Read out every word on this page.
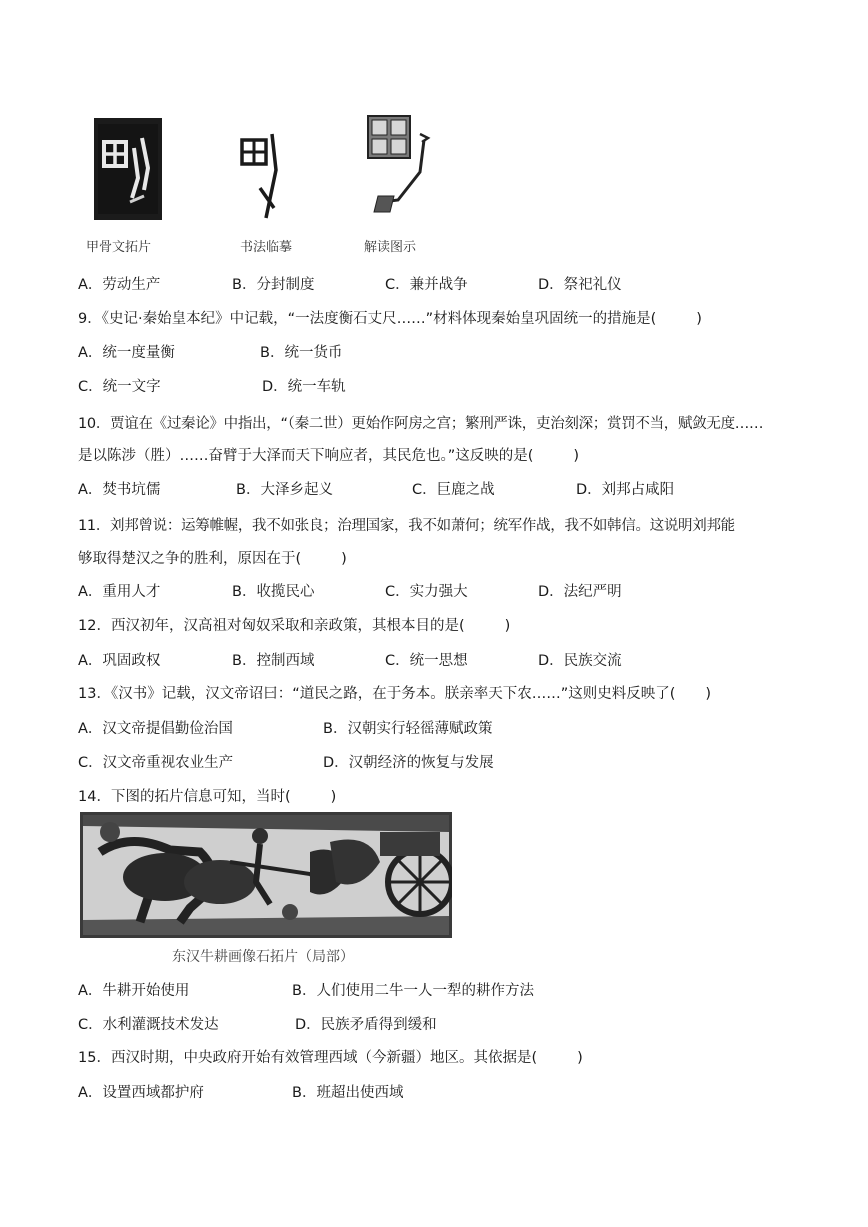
甲骨文拓片	书法临摹	解读图示
A．劳动生产	B．分封制度	C．兼并战争	D．祭祀礼仪
9．《史记·秦始皇本纪》中记载，“一法度衡石丈尺……”材料体现秦始皇巩固统一的措施是(	)
A．统一度量衡	B．统一货币
C．统一文字	D．统一车轨
10．贾谊在《过秦论》中指出，“（秦二世）更始作阿房之宫；繁刑严诛，吏治刻深；赏罚不当，赋敛无度……
是以陈涉（胜）……奋臂于大泽而天下响应者，其民危也。”这反映的是(	)
A．焚书坑儒	B．大泽乡起义	C．巨鹿之战	D．刘邦占咸阳
11．刘邦曾说：运筹帷幄，我不如张良；治理国家，我不如萧何；统军作战，我不如韩信。这说明刘邦能
够取得楚汉之争的胜利，原因在于(	)
A．重用人才	B．收揽民心	C．实力强大	D．法纪严明
12．西汉初年，汉高祖对匈奴采取和亲政策，其根本目的是(	)
A．巩固政权	B．控制西域	C．统一思想	D．民族交流
13．《汉书》记载，汉文帝诏曰：“道民之路，在于务本。朕亲率天下农……”这则史料反映了( )
A．汉文帝提倡勤俭治国	B．汉朝实行轻徭薄赋政策
C．汉文帝重视农业生产	D．汉朝经济的恢复与发展
14．下图的拓片信息可知，当时(	)
东汉牛耕画像石拓片（局部）
A．牛耕开始使用	B．人们使用二牛一人一犁的耕作方法
C．水利灌溉技术发达	D．民族矛盾得到缓和
15．西汉时期，中央政府开始有效管理西域（今新疆）地区。其依据是(	)
A．设置西域都护府	B．班超出使西域
